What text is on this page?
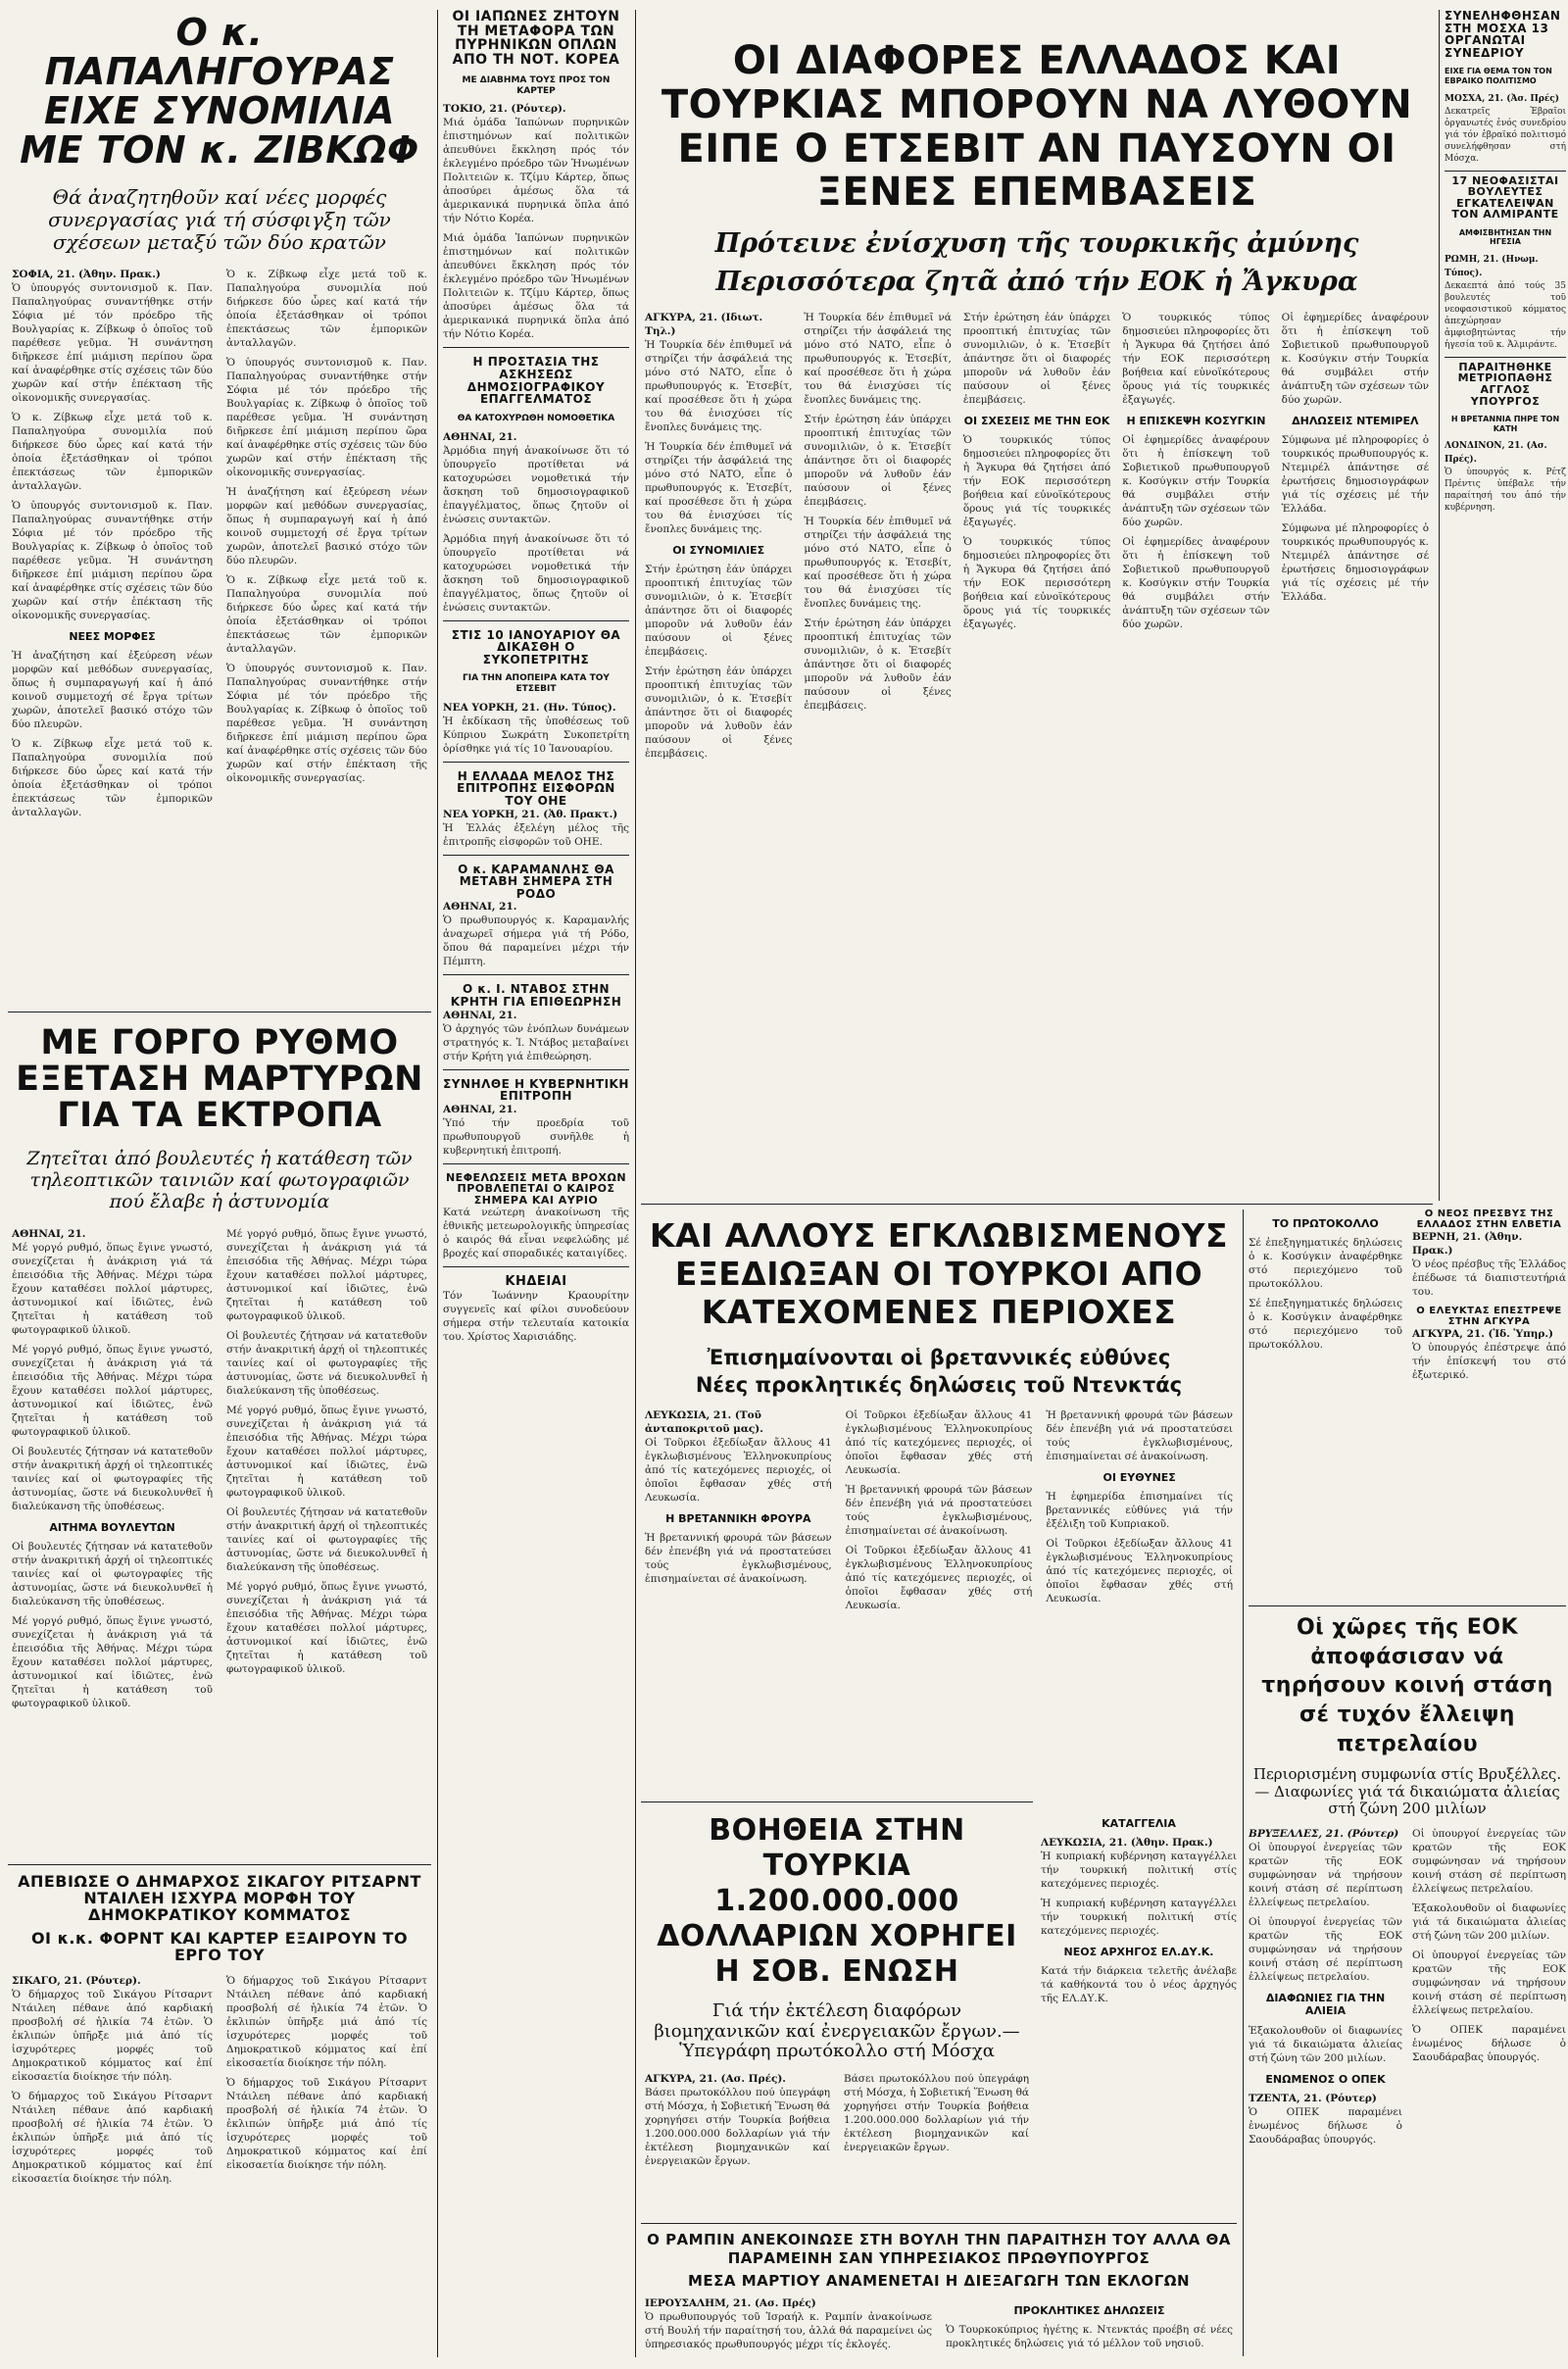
Ο κ. ΠΑΠΑΛΗΓΟΥΡΑΣ ΕΙΧΕ ΣΥΝΟΜΙΛΙΑ ΜΕ ΤΟΝ κ. ΖΙΒΚΩΦ

Θά ἀναζητηθοῦν καί νέες μορφές συνεργασίας γιά τή σύσφιγξη τῶν σχέσεων μεταξύ τῶν δύο κρατῶν

ΣΟΦΙΑ, 21. (Ἀθην. Πρακ.)

Ὁ ὑπουργός συντονισμοῦ κ. Παν. Παπαληγούρας συναντήθηκε στήν Σόφια μέ τόν πρόεδρο τῆς Βουλγαρίας κ. Ζίβκωφ ὁ ὁποῖος τοῦ παρέθεσε γεῦμα. Ἡ συνάντηση διῆρκεσε ἐπί μιάμιση περίπου ὥρα καί ἀναφέρθηκε στίς σχέσεις τῶν δύο χωρῶν καί στήν ἐπέκταση τῆς οἰκονομικῆς συνεργασίας.

Ὁ κ. Ζίβκωφ εἶχε μετά τοῦ κ. Παπαληγούρα συνομιλία πού διήρκεσε δύο ὧρες καί κατά τήν ὁποία ἐξετάσθηκαν οἱ τρόποι ἐπεκτάσεως τῶν ἐμπορικῶν ἀνταλλαγῶν.

Ὁ ὑπουργός συντονισμοῦ κ. Παν. Παπαληγούρας συναντήθηκε στήν Σόφια μέ τόν πρόεδρο τῆς Βουλγαρίας κ. Ζίβκωφ ὁ ὁποῖος τοῦ παρέθεσε γεῦμα. Ἡ συνάντηση διῆρκεσε ἐπί μιάμιση περίπου ὥρα καί ἀναφέρθηκε στίς σχέσεις τῶν δύο χωρῶν καί στήν ἐπέκταση τῆς οἰκονομικῆς συνεργασίας.

ΝΕΕΣ ΜΟΡΦΕΣ

Ἡ ἀναζήτηση καί ἐξεύρεση νέων μορφῶν καί μεθόδων συνεργασίας, ὅπως ἡ συμπαραγωγή καί ἡ ἀπό κοινοῦ συμμετοχή σέ ἔργα τρίτων χωρῶν, ἀποτελεῖ βασικό στόχο τῶν δύο πλευρῶν.

Ὁ κ. Ζίβκωφ εἶχε μετά τοῦ κ. Παπαληγούρα συνομιλία πού διήρκεσε δύο ὧρες καί κατά τήν ὁποία ἐξετάσθηκαν οἱ τρόποι ἐπεκτάσεως τῶν ἐμπορικῶν ἀνταλλαγῶν.

Ὁ κ. Ζίβκωφ εἶχε μετά τοῦ κ. Παπαληγούρα συνομιλία πού διήρκεσε δύο ὧρες καί κατά τήν ὁποία ἐξετάσθηκαν οἱ τρόποι ἐπεκτάσεως τῶν ἐμπορικῶν ἀνταλλαγῶν.

Ὁ ὑπουργός συντονισμοῦ κ. Παν. Παπαληγούρας συναντήθηκε στήν Σόφια μέ τόν πρόεδρο τῆς Βουλγαρίας κ. Ζίβκωφ ὁ ὁποῖος τοῦ παρέθεσε γεῦμα. Ἡ συνάντηση διῆρκεσε ἐπί μιάμιση περίπου ὥρα καί ἀναφέρθηκε στίς σχέσεις τῶν δύο χωρῶν καί στήν ἐπέκταση τῆς οἰκονομικῆς συνεργασίας.

Ἡ ἀναζήτηση καί ἐξεύρεση νέων μορφῶν καί μεθόδων συνεργασίας, ὅπως ἡ συμπαραγωγή καί ἡ ἀπό κοινοῦ συμμετοχή σέ ἔργα τρίτων χωρῶν, ἀποτελεῖ βασικό στόχο τῶν δύο πλευρῶν.

Ὁ κ. Ζίβκωφ εἶχε μετά τοῦ κ. Παπαληγούρα συνομιλία πού διήρκεσε δύο ὧρες καί κατά τήν ὁποία ἐξετάσθηκαν οἱ τρόποι ἐπεκτάσεως τῶν ἐμπορικῶν ἀνταλλαγῶν.

Ὁ ὑπουργός συντονισμοῦ κ. Παν. Παπαληγούρας συναντήθηκε στήν Σόφια μέ τόν πρόεδρο τῆς Βουλγαρίας κ. Ζίβκωφ ὁ ὁποῖος τοῦ παρέθεσε γεῦμα. Ἡ συνάντηση διῆρκεσε ἐπί μιάμιση περίπου ὥρα καί ἀναφέρθηκε στίς σχέσεις τῶν δύο χωρῶν καί στήν ἐπέκταση τῆς οἰκονομικῆς συνεργασίας.

ΜΕ ΓΟΡΓΟ ΡΥΘΜΟ ΕΞΕΤΑΣΗ ΜΑΡΤΥΡΩΝ ΓΙΑ ΤΑ ΕΚΤΡΟΠΑ

Ζητεῖται ἀπό βουλευτές ἡ κατάθεση τῶν τηλεοπτικῶν ταινιῶν καί φωτογραφιῶν πού ἔλαβε ἡ ἀστυνομία

ΑΘΗΝΑΙ, 21.

Μέ γοργό ρυθμό, ὅπως ἔγινε γνωστό, συνεχίζεται ἡ ἀνάκριση γιά τά ἐπεισόδια τῆς Ἀθήνας. Μέχρι τώρα ἔχουν καταθέσει πολλοί μάρτυρες, ἀστυνομικοί καί ἰδιῶτες, ἐνῶ ζητεῖται ἡ κατάθεση τοῦ φωτογραφικοῦ ὑλικοῦ.

Μέ γοργό ρυθμό, ὅπως ἔγινε γνωστό, συνεχίζεται ἡ ἀνάκριση γιά τά ἐπεισόδια τῆς Ἀθήνας. Μέχρι τώρα ἔχουν καταθέσει πολλοί μάρτυρες, ἀστυνομικοί καί ἰδιῶτες, ἐνῶ ζητεῖται ἡ κατάθεση τοῦ φωτογραφικοῦ ὑλικοῦ.

Οἱ βουλευτές ζήτησαν νά κατατεθοῦν στήν ἀνακριτική ἀρχή οἱ τηλεοπτικές ταινίες καί οἱ φωτογραφίες τῆς ἀστυνομίας, ὥστε νά διευκολυνθεῖ ἡ διαλεύκανση τῆς ὑποθέσεως.

ΑΙΤΗΜΑ ΒΟΥΛΕΥΤΩΝ

Οἱ βουλευτές ζήτησαν νά κατατεθοῦν στήν ἀνακριτική ἀρχή οἱ τηλεοπτικές ταινίες καί οἱ φωτογραφίες τῆς ἀστυνομίας, ὥστε νά διευκολυνθεῖ ἡ διαλεύκανση τῆς ὑποθέσεως.

Μέ γοργό ρυθμό, ὅπως ἔγινε γνωστό, συνεχίζεται ἡ ἀνάκριση γιά τά ἐπεισόδια τῆς Ἀθήνας. Μέχρι τώρα ἔχουν καταθέσει πολλοί μάρτυρες, ἀστυνομικοί καί ἰδιῶτες, ἐνῶ ζητεῖται ἡ κατάθεση τοῦ φωτογραφικοῦ ὑλικοῦ.

Μέ γοργό ρυθμό, ὅπως ἔγινε γνωστό, συνεχίζεται ἡ ἀνάκριση γιά τά ἐπεισόδια τῆς Ἀθήνας. Μέχρι τώρα ἔχουν καταθέσει πολλοί μάρτυρες, ἀστυνομικοί καί ἰδιῶτες, ἐνῶ ζητεῖται ἡ κατάθεση τοῦ φωτογραφικοῦ ὑλικοῦ.

Οἱ βουλευτές ζήτησαν νά κατατεθοῦν στήν ἀνακριτική ἀρχή οἱ τηλεοπτικές ταινίες καί οἱ φωτογραφίες τῆς ἀστυνομίας, ὥστε νά διευκολυνθεῖ ἡ διαλεύκανση τῆς ὑποθέσεως.

Μέ γοργό ρυθμό, ὅπως ἔγινε γνωστό, συνεχίζεται ἡ ἀνάκριση γιά τά ἐπεισόδια τῆς Ἀθήνας. Μέχρι τώρα ἔχουν καταθέσει πολλοί μάρτυρες, ἀστυνομικοί καί ἰδιῶτες, ἐνῶ ζητεῖται ἡ κατάθεση τοῦ φωτογραφικοῦ ὑλικοῦ.

Οἱ βουλευτές ζήτησαν νά κατατεθοῦν στήν ἀνακριτική ἀρχή οἱ τηλεοπτικές ταινίες καί οἱ φωτογραφίες τῆς ἀστυνομίας, ὥστε νά διευκολυνθεῖ ἡ διαλεύκανση τῆς ὑποθέσεως.

Μέ γοργό ρυθμό, ὅπως ἔγινε γνωστό, συνεχίζεται ἡ ἀνάκριση γιά τά ἐπεισόδια τῆς Ἀθήνας. Μέχρι τώρα ἔχουν καταθέσει πολλοί μάρτυρες, ἀστυνομικοί καί ἰδιῶτες, ἐνῶ ζητεῖται ἡ κατάθεση τοῦ φωτογραφικοῦ ὑλικοῦ.

ΑΠΕΒΙΩΣΕ Ο ΔΗΜΑΡΧΟΣ ΣΙΚΑΓΟΥ ΡΙΤΣΑΡΝΤ ΝΤΑΙΛΕΗ ΙΣΧΥΡΑ ΜΟΡΦΗ ΤΟΥ ΔΗΜΟΚΡΑΤΙΚΟΥ ΚΟΜΜΑΤΟΣ
ΟΙ κ.κ. ΦΟΡΝΤ ΚΑΙ ΚΑΡΤΕΡ ΕΞΑΙΡΟΥΝ ΤΟ ΕΡΓΟ ΤΟΥ

ΣΙΚΑΓΟ, 21. (Ρόυτερ).

Ὁ δήμαρχος τοῦ Σικάγου Ρίτσαρντ Ντάιλεη πέθανε ἀπό καρδιακή προσβολή σέ ἡλικία 74 ἐτῶν. Ὁ ἐκλιπών ὑπῆρξε μιά ἀπό τίς ἰσχυρότερες μορφές τοῦ Δημοκρατικοῦ κόμματος καί ἐπί εἰκοσαετία διοίκησε τήν πόλη.

Ὁ δήμαρχος τοῦ Σικάγου Ρίτσαρντ Ντάιλεη πέθανε ἀπό καρδιακή προσβολή σέ ἡλικία 74 ἐτῶν. Ὁ ἐκλιπών ὑπῆρξε μιά ἀπό τίς ἰσχυρότερες μορφές τοῦ Δημοκρατικοῦ κόμματος καί ἐπί εἰκοσαετία διοίκησε τήν πόλη.

Ὁ δήμαρχος τοῦ Σικάγου Ρίτσαρντ Ντάιλεη πέθανε ἀπό καρδιακή προσβολή σέ ἡλικία 74 ἐτῶν. Ὁ ἐκλιπών ὑπῆρξε μιά ἀπό τίς ἰσχυρότερες μορφές τοῦ Δημοκρατικοῦ κόμματος καί ἐπί εἰκοσαετία διοίκησε τήν πόλη.

Ὁ δήμαρχος τοῦ Σικάγου Ρίτσαρντ Ντάιλεη πέθανε ἀπό καρδιακή προσβολή σέ ἡλικία 74 ἐτῶν. Ὁ ἐκλιπών ὑπῆρξε μιά ἀπό τίς ἰσχυρότερες μορφές τοῦ Δημοκρατικοῦ κόμματος καί ἐπί εἰκοσαετία διοίκησε τήν πόλη.

ΟΙ ΙΑΠΩΝΕΣ ΖΗΤΟΥΝ ΤΗ ΜΕΤΑΦΟΡΑ ΤΩΝ ΠΥΡΗΝΙΚΩΝ ΟΠΛΩΝ ΑΠΟ ΤΗ ΝΟΤ. ΚΟΡΕΑ

ΜΕ ΔΙΑΒΗΜΑ ΤΟΥΣ ΠΡΟΣ ΤΟΝ ΚΑΡΤΕΡ

ΤΟΚΙΟ, 21. (Ρόυτερ).

Μιά ὁμάδα Ἰαπώνων πυρηνικῶν ἐπιστημόνων καί πολιτικῶν ἀπευθύνει ἔκκληση πρός τόν ἐκλεγμένο πρόεδρο τῶν Ἡνωμένων Πολιτειῶν κ. Τζίμυ Κάρτερ, ὅπως ἀποσύρει ἀμέσως ὅλα τά ἀμερικανικά πυρηνικά ὅπλα ἀπό τήν Νότιο Κορέα.

Μιά ὁμάδα Ἰαπώνων πυρηνικῶν ἐπιστημόνων καί πολιτικῶν ἀπευθύνει ἔκκληση πρός τόν ἐκλεγμένο πρόεδρο τῶν Ἡνωμένων Πολιτειῶν κ. Τζίμυ Κάρτερ, ὅπως ἀποσύρει ἀμέσως ὅλα τά ἀμερικανικά πυρηνικά ὅπλα ἀπό τήν Νότιο Κορέα.

Η ΠΡΟΣΤΑΣΙΑ ΤΗΣ ΑΣΚΗΣΕΩΣ ΔΗΜΟΣΙΟΓΡΑΦΙΚΟΥ ΕΠΑΓΓΕΛΜΑΤΟΣ

ΘΑ ΚΑΤΟΧΥΡΩΘΗ ΝΟΜΟΘΕΤΙΚΑ

ΑΘΗΝΑΙ, 21.

Ἀρμόδια πηγή ἀνακοίνωσε ὅτι τό ὑπουργεῖο προτίθεται νά κατοχυρώσει νομοθετικά τήν ἄσκηση τοῦ δημοσιογραφικοῦ ἐπαγγέλματος, ὅπως ζητοῦν οἱ ἑνώσεις συντακτῶν.

Ἀρμόδια πηγή ἀνακοίνωσε ὅτι τό ὑπουργεῖο προτίθεται νά κατοχυρώσει νομοθετικά τήν ἄσκηση τοῦ δημοσιογραφικοῦ ἐπαγγέλματος, ὅπως ζητοῦν οἱ ἑνώσεις συντακτῶν.

ΣΤΙΣ 10 ΙΑΝΟΥΑΡΙΟΥ ΘΑ ΔΙΚΑΣΘΗ Ο ΣΥΚΟΠΕΤΡΙΤΗΣ

ΓΙΑ ΤΗΝ ΑΠΟΠΕΙΡΑ ΚΑΤΑ ΤΟΥ ΕΤΣΕΒΙΤ

ΝΕΑ ΥΟΡΚΗ, 21. (Ην. Τύπος).

Ἡ ἐκδίκαση τῆς ὑποθέσεως τοῦ Κύπριου Σωκράτη Συκοπετρίτη ὁρίσθηκε γιά τίς 10 Ἰανουαρίου.

Η ΕΛΛΑΔΑ ΜΕΛΟΣ ΤΗΣ ΕΠΙΤΡΟΠΗΣ ΕΙΣΦΟΡΩΝ ΤΟΥ ΟΗΕ

ΝΕΑ ΥΟΡΚΗ, 21. (Ἀθ. Πρακτ.)

Ἡ Ἑλλάς ἐξελέγη μέλος τῆς ἐπιτροπῆς εἰσφορῶν τοῦ ΟΗΕ.

Ο κ. ΚΑΡΑΜΑΝΛΗΣ ΘΑ ΜΕΤΑΒΗ ΣΗΜΕΡΑ ΣΤΗ ΡΟΔΟ

ΑΘΗΝΑΙ, 21.

Ὁ πρωθυπουργός κ. Καραμανλής ἀναχωρεῖ σήμερα γιά τή Ρόδο, ὅπου θά παραμείνει μέχρι τήν Πέμπτη.

Ο κ. Ι. ΝΤΑΒΟΣ ΣΤΗΝ ΚΡΗΤΗ ΓΙΑ ΕΠΙΘΕΩΡΗΣΗ

ΑΘΗΝΑΙ, 21.

Ὁ ἀρχηγός τῶν ἐνόπλων δυνάμεων στρατηγός κ. Ἰ. Ντάβος μεταβαίνει στήν Κρήτη γιά ἐπιθεώρηση.

ΣΥΝΗΛΘΕ Η ΚΥΒΕΡΝΗΤΙΚΗ ΕΠΙΤΡΟΠΗ

ΑΘΗΝΑΙ, 21.

Ὑπό τήν προεδρία τοῦ πρωθυπουργοῦ συνῆλθε ἡ κυβερνητική ἐπιτροπή.

ΝΕΦΕΛΩΣΕΙΣ ΜΕΤΑ ΒΡΟΧΩΝ ΠΡΟΒΛΕΠΕΤΑΙ Ο ΚΑΙΡΟΣ ΣΗΜΕΡΑ ΚΑΙ ΑΥΡΙΟ

Κατά νεώτερη ἀνακοίνωση τῆς ἐθνικῆς μετεωρολογικῆς ὑπηρεσίας ὁ καιρός θά εἶναι νεφελώδης μέ βροχές καί σποραδικές καταιγίδες.

ΚΗΔΕΙΑΙ

Τόν Ἰωάννην Κραουρίτην συγγενεῖς καί φίλοι συνοδεύουν σήμερα στήν τελευταία κατοικία του. Χρίστος Χαρισιάδης.

ΟΙ ΔΙΑΦΟΡΕΣ ΕΛΛΑΔΟΣ ΚΑΙ ΤΟΥΡΚΙΑΣ ΜΠΟΡΟΥΝ ΝΑ ΛΥΘΟΥΝ ΕΙΠΕ Ο ΕΤΣΕΒΙΤ ΑΝ ΠΑΥΣΟΥΝ ΟΙ ΞΕΝΕΣ ΕΠΕΜΒΑΣΕΙΣ

Πρότεινε ἐνίσχυση τῆς τουρκικῆς ἀμύνης

Περισσότερα ζητᾶ ἀπό τήν ΕΟΚ ἡ Ἄγκυρα

ΑΓΚΥΡΑ, 21. (Ιδιωτ. Τηλ.)

Ἡ Τουρκία δέν ἐπιθυμεῖ νά στηρίζει τήν ἀσφάλειά της μόνο στό ΝΑΤΟ, εἶπε ὁ πρωθυπουργός κ. Ἐτσεβίτ, καί προσέθεσε ὅτι ἡ χώρα του θά ἐνισχύσει τίς ἔνοπλες δυνάμεις της.

Ἡ Τουρκία δέν ἐπιθυμεῖ νά στηρίζει τήν ἀσφάλειά της μόνο στό ΝΑΤΟ, εἶπε ὁ πρωθυπουργός κ. Ἐτσεβίτ, καί προσέθεσε ὅτι ἡ χώρα του θά ἐνισχύσει τίς ἔνοπλες δυνάμεις της.

ΟΙ ΣΥΝΟΜΙΛΙΕΣ

Στήν ἐρώτηση ἐάν ὑπάρχει προοπτική ἐπιτυχίας τῶν συνομιλιῶν, ὁ κ. Ἐτσεβίτ ἀπάντησε ὅτι οἱ διαφορές μποροῦν νά λυθοῦν ἐάν παύσουν οἱ ξένες ἐπεμβάσεις.

Στήν ἐρώτηση ἐάν ὑπάρχει προοπτική ἐπιτυχίας τῶν συνομιλιῶν, ὁ κ. Ἐτσεβίτ ἀπάντησε ὅτι οἱ διαφορές μποροῦν νά λυθοῦν ἐάν παύσουν οἱ ξένες ἐπεμβάσεις.

Ἡ Τουρκία δέν ἐπιθυμεῖ νά στηρίζει τήν ἀσφάλειά της μόνο στό ΝΑΤΟ, εἶπε ὁ πρωθυπουργός κ. Ἐτσεβίτ, καί προσέθεσε ὅτι ἡ χώρα του θά ἐνισχύσει τίς ἔνοπλες δυνάμεις της.

Στήν ἐρώτηση ἐάν ὑπάρχει προοπτική ἐπιτυχίας τῶν συνομιλιῶν, ὁ κ. Ἐτσεβίτ ἀπάντησε ὅτι οἱ διαφορές μποροῦν νά λυθοῦν ἐάν παύσουν οἱ ξένες ἐπεμβάσεις.

Ἡ Τουρκία δέν ἐπιθυμεῖ νά στηρίζει τήν ἀσφάλειά της μόνο στό ΝΑΤΟ, εἶπε ὁ πρωθυπουργός κ. Ἐτσεβίτ, καί προσέθεσε ὅτι ἡ χώρα του θά ἐνισχύσει τίς ἔνοπλες δυνάμεις της.

Στήν ἐρώτηση ἐάν ὑπάρχει προοπτική ἐπιτυχίας τῶν συνομιλιῶν, ὁ κ. Ἐτσεβίτ ἀπάντησε ὅτι οἱ διαφορές μποροῦν νά λυθοῦν ἐάν παύσουν οἱ ξένες ἐπεμβάσεις.

Στήν ἐρώτηση ἐάν ὑπάρχει προοπτική ἐπιτυχίας τῶν συνομιλιῶν, ὁ κ. Ἐτσεβίτ ἀπάντησε ὅτι οἱ διαφορές μποροῦν νά λυθοῦν ἐάν παύσουν οἱ ξένες ἐπεμβάσεις.

ΟΙ ΣΧΕΣΕΙΣ ΜΕ ΤΗΝ ΕΟΚ

Ὁ τουρκικός τύπος δημοσιεύει πληροφορίες ὅτι ἡ Ἄγκυρα θά ζητήσει ἀπό τήν ΕΟΚ περισσότερη βοήθεια καί εὐνοϊκότερους ὅρους γιά τίς τουρκικές ἐξαγωγές.

Ὁ τουρκικός τύπος δημοσιεύει πληροφορίες ὅτι ἡ Ἄγκυρα θά ζητήσει ἀπό τήν ΕΟΚ περισσότερη βοήθεια καί εὐνοϊκότερους ὅρους γιά τίς τουρκικές ἐξαγωγές.

Ὁ τουρκικός τύπος δημοσιεύει πληροφορίες ὅτι ἡ Ἄγκυρα θά ζητήσει ἀπό τήν ΕΟΚ περισσότερη βοήθεια καί εὐνοϊκότερους ὅρους γιά τίς τουρκικές ἐξαγωγές.

Η ΕΠΙΣΚΕΨΗ ΚΟΣΥΓΚΙΝ

Οἱ ἐφημερίδες ἀναφέρουν ὅτι ἡ ἐπίσκεψη τοῦ Σοβιετικοῦ πρωθυπουργοῦ κ. Κοσύγκιν στήν Τουρκία θά συμβάλει στήν ἀνάπτυξη τῶν σχέσεων τῶν δύο χωρῶν.

Οἱ ἐφημερίδες ἀναφέρουν ὅτι ἡ ἐπίσκεψη τοῦ Σοβιετικοῦ πρωθυπουργοῦ κ. Κοσύγκιν στήν Τουρκία θά συμβάλει στήν ἀνάπτυξη τῶν σχέσεων τῶν δύο χωρῶν.

Οἱ ἐφημερίδες ἀναφέρουν ὅτι ἡ ἐπίσκεψη τοῦ Σοβιετικοῦ πρωθυπουργοῦ κ. Κοσύγκιν στήν Τουρκία θά συμβάλει στήν ἀνάπτυξη τῶν σχέσεων τῶν δύο χωρῶν.

ΔΗΛΩΣΕΙΣ ΝΤΕΜΙΡΕΛ

Σύμφωνα μέ πληροφορίες ὁ τουρκικός πρωθυπουργός κ. Ντεμιρέλ ἀπάντησε σέ ἐρωτήσεις δημοσιογράφων γιά τίς σχέσεις μέ τήν Ἑλλάδα.

Σύμφωνα μέ πληροφορίες ὁ τουρκικός πρωθυπουργός κ. Ντεμιρέλ ἀπάντησε σέ ἐρωτήσεις δημοσιογράφων γιά τίς σχέσεις μέ τήν Ἑλλάδα.

ΚΑΙ ΑΛΛΟΥΣ ΕΓΚΛΩΒΙΣΜΕΝΟΥΣ ΕΞΕΔΙΩΞΑΝ ΟΙ ΤΟΥΡΚΟΙ ΑΠΟ ΚΑΤΕΧΟΜΕΝΕΣ ΠΕΡΙΟΧΕΣ

Ἐπισημαίνονται οἱ βρεταννικές εὐθύνες

Νέες προκλητικές δηλώσεις τοῦ Ντενκτάς

ΛΕΥΚΩΣΙΑ, 21. (Τοῦ ἀνταποκριτοῦ μας).

Οἱ Τοῦρκοι ἐξεδίωξαν ἄλλους 41 ἐγκλωβισμένους Ἑλληνοκυπρίους ἀπό τίς κατεχόμενες περιοχές, οἱ ὁποῖοι ἔφθασαν χθές στή Λευκωσία.

Η ΒΡΕΤΑΝΝΙΚΗ ΦΡΟΥΡΑ

Ἡ βρεταννική φρουρά τῶν βάσεων δέν ἐπενέβη γιά νά προστατεύσει τούς ἐγκλωβισμένους, ἐπισημαίνεται σέ ἀνακοίνωση.

Οἱ Τοῦρκοι ἐξεδίωξαν ἄλλους 41 ἐγκλωβισμένους Ἑλληνοκυπρίους ἀπό τίς κατεχόμενες περιοχές, οἱ ὁποῖοι ἔφθασαν χθές στή Λευκωσία.

Ἡ βρεταννική φρουρά τῶν βάσεων δέν ἐπενέβη γιά νά προστατεύσει τούς ἐγκλωβισμένους, ἐπισημαίνεται σέ ἀνακοίνωση.

Οἱ Τοῦρκοι ἐξεδίωξαν ἄλλους 41 ἐγκλωβισμένους Ἑλληνοκυπρίους ἀπό τίς κατεχόμενες περιοχές, οἱ ὁποῖοι ἔφθασαν χθές στή Λευκωσία.

Ἡ βρεταννική φρουρά τῶν βάσεων δέν ἐπενέβη γιά νά προστατεύσει τούς ἐγκλωβισμένους, ἐπισημαίνεται σέ ἀνακοίνωση.

ΟΙ ΕΥΘΥΝΕΣ

Ἡ ἐφημερίδα ἐπισημαίνει τίς βρεταννικές εὐθύνες γιά τήν ἐξέλιξη τοῦ Κυπριακοῦ.

Οἱ Τοῦρκοι ἐξεδίωξαν ἄλλους 41 ἐγκλωβισμένους Ἑλληνοκυπρίους ἀπό τίς κατεχόμενες περιοχές, οἱ ὁποῖοι ἔφθασαν χθές στή Λευκωσία.

ΒΟΗΘΕΙΑ ΣΤΗΝ ΤΟΥΡΚΙΑ 1.200.000.000 ΔΟΛΛΑΡΙΩΝ ΧΟΡΗΓΕΙ Η ΣΟΒ. ΕΝΩΣΗ

Γιά τήν ἐκτέλεση διαφόρων βιομηχανικῶν καί ἐνεργειακῶν ἔργων.— Ὑπεγράφη πρωτόκολλο στή Μόσχα

ΑΓΚΥΡΑ, 21. (Ασ. Πρές).

Βάσει πρωτοκόλλου πού ὑπεγράφη στή Μόσχα, ἡ Σοβιετική Ἕνωση θά χορηγήσει στήν Τουρκία βοήθεια 1.200.000.000 δολλαρίων γιά τήν ἐκτέλεση βιομηχανικῶν καί ἐνεργειακῶν ἔργων.

Βάσει πρωτοκόλλου πού ὑπεγράφη στή Μόσχα, ἡ Σοβιετική Ἕνωση θά χορηγήσει στήν Τουρκία βοήθεια 1.200.000.000 δολλαρίων γιά τήν ἐκτέλεση βιομηχανικῶν καί ἐνεργειακῶν ἔργων.

ΚΑΤΑΓΓΕΛΙΑ

ΛΕΥΚΩΣΙΑ, 21. (Ἀθην. Πρακ.)

Ἡ κυπριακή κυβέρνηση καταγγέλλει τήν τουρκική πολιτική στίς κατεχόμενες περιοχές.

Ἡ κυπριακή κυβέρνηση καταγγέλλει τήν τουρκική πολιτική στίς κατεχόμενες περιοχές.

ΝΕΟΣ ΑΡΧΗΓΟΣ ΕΛ.ΔΥ.Κ.

Κατά τήν διάρκεια τελετῆς ἀνέλαβε τά καθήκοντά του ὁ νέος ἀρχηγός τῆς ΕΛ.ΔΥ.Κ.

Ο ΡΑΜΠΙΝ ΑΝΕΚΟΙΝΩΣΕ ΣΤΗ ΒΟΥΛΗ ΤΗΝ ΠΑΡΑΙΤΗΣΗ ΤΟΥ ΑΛΛΑ ΘΑ ΠΑΡΑΜΕΙΝΗ ΣΑΝ ΥΠΗΡΕΣΙΑΚΟΣ ΠΡΩΘΥΠΟΥΡΓΟΣ
ΜΕΣΑ ΜΑΡΤΙΟΥ ΑΝΑΜΕΝΕΤΑΙ Η ΔΙΕΞΑΓΩΓΗ ΤΩΝ ΕΚΛΟΓΩΝ

ΙΕΡΟΥΣΑΛΗΜ, 21. (Ασ. Πρές)

Ὁ πρωθυπουργός τοῦ Ἰσραήλ κ. Ραμπίν ἀνακοίνωσε στή Βουλή τήν παραίτησή του, ἀλλά θά παραμείνει ὡς ὑπηρεσιακός πρωθυπουργός μέχρι τίς ἐκλογές.

ΠΡΟΚΛΗΤΙΚΕΣ ΔΗΛΩΣΕΙΣ

Ὁ Τουρκοκύπριος ἡγέτης κ. Ντενκτάς προέβη σέ νέες προκλητικές δηλώσεις γιά τό μέλλον τοῦ νησιοῦ.

ΣΥΝΕΛΗΦΘΗΣΑΝ ΣΤΗ ΜΟΣΧΑ 13 ΟΡΓΑΝΩΤΑΙ ΣΥΝΕΔΡΙΟΥ

ΕΙΧΕ ΓΙΑ ΘΕΜΑ ΤΟΝ ΤΟΝ ΕΒΡΑΙΚΟ ΠΟΛΙΤΙΣΜΟ

ΜΟΣΧΑ, 21. (Ἀσ. Πρές)

Δεκατρεῖς Ἑβραῖοι ὀργανωτές ἑνός συνεδρίου γιά τόν ἑβραϊκό πολιτισμό συνελήφθησαν στή Μόσχα.

17 ΝΕΟΦΑΣΙΣΤΑΙ ΒΟΥΛΕΥΤΕΣ ΕΓΚΑΤΕΛΕΙΨΑΝ ΤΟΝ ΑΛΜΙΡΑΝΤΕ

ΑΜΦΙΣΒΗΤΗΣΑΝ ΤΗΝ ΗΓΕΣΙΑ

ΡΩΜΗ, 21. (Ηνωμ. Τύπος).

Δεκαεπτά ἀπό τούς 35 βουλευτές τοῦ νεοφασιστικοῦ κόμματος ἀπεχώρησαν ἀμφισβητώντας τήν ἡγεσία τοῦ κ. Ἀλμιράντε.

ΠΑΡΑΙΤΗΘΗΚΕ ΜΕΤΡΙΟΠΑΘΗΣ ΑΓΓΛΟΣ ΥΠΟΥΡΓΟΣ

Η ΒΡΕΤΑΝΝΙΑ ΠΗΡΕ ΤΟΝ ΚΑΤΗ

ΛΟΝΔΙΝΟΝ, 21. (Ασ. Πρές).

Ὁ ὑπουργός κ. Ρέτζ Πρέντις ὑπέβαλε τήν παραίτησή του ἀπό τήν κυβέρνηση.

ΤΟ ΠΡΩΤΟΚΟΛΛΟ

Σέ ἐπεξηγηματικές δηλώσεις ὁ κ. Κοσύγκιν ἀναφέρθηκε στό περιεχόμενο τοῦ πρωτοκόλλου.

Σέ ἐπεξηγηματικές δηλώσεις ὁ κ. Κοσύγκιν ἀναφέρθηκε στό περιεχόμενο τοῦ πρωτοκόλλου.

Ο ΝΕΟΣ ΠΡΕΣΒΥΣ ΤΗΣ ΕΛΛΑΔΟΣ ΣΤΗΝ ΕΛΒΕΤΙΑ

ΒΕΡΝΗ, 21. (Ἀθην. Πρακ.)

Ὁ νέος πρέσβυς τῆς Ἑλλάδος ἐπέδωσε τά διαπιστευτήριά του.

Ο ΕΛΕΥΚΤΑΣ ΕΠΕΣΤΡΕΨΕ ΣΤΗΝ ΑΓΚΥΡΑ

ΑΓΚΥΡΑ, 21. (Ἰδ. Ὑπηρ.)

Ὁ ὑπουργός ἐπέστρεψε ἀπό τήν ἐπίσκεψή του στό ἐξωτερικό.

Οἱ χῶρες τῆς ΕΟΚ ἀποφάσισαν νά τηρήσουν κοινή στάση σέ τυχόν ἔλλειψη πετρελαίου

Περιορισμένη συμφωνία στίς Βρυξέλλες.— Διαφωνίες γιά τά δικαιώματα ἀλιείας στή ζώνη 200 μιλίων

ΒΡΥΞΕΛΛΕΣ, 21. (Ρόυτερ)

Οἱ ὑπουργοί ἐνεργείας τῶν κρατῶν τῆς ΕΟΚ συμφώνησαν νά τηρήσουν κοινή στάση σέ περίπτωση ἐλλείψεως πετρελαίου.

Οἱ ὑπουργοί ἐνεργείας τῶν κρατῶν τῆς ΕΟΚ συμφώνησαν νά τηρήσουν κοινή στάση σέ περίπτωση ἐλλείψεως πετρελαίου.

ΔΙΑΦΩΝΙΕΣ ΓΙΑ ΤΗΝ ΑΛΙΕΙΑ

Ἐξακολουθοῦν οἱ διαφωνίες γιά τά δικαιώματα ἀλιείας στή ζώνη τῶν 200 μιλίων.

ΕΝΩΜΕΝΟΣ Ο ΟΠΕΚ

ΤΖΕΝΤΑ, 21. (Ρόυτερ)

Ὁ ΟΠΕΚ παραμένει ἑνωμένος δήλωσε ὁ Σαουδάραβας ὑπουργός.

Οἱ ὑπουργοί ἐνεργείας τῶν κρατῶν τῆς ΕΟΚ συμφώνησαν νά τηρήσουν κοινή στάση σέ περίπτωση ἐλλείψεως πετρελαίου.

Ἐξακολουθοῦν οἱ διαφωνίες γιά τά δικαιώματα ἀλιείας στή ζώνη τῶν 200 μιλίων.

Οἱ ὑπουργοί ἐνεργείας τῶν κρατῶν τῆς ΕΟΚ συμφώνησαν νά τηρήσουν κοινή στάση σέ περίπτωση ἐλλείψεως πετρελαίου.

Ὁ ΟΠΕΚ παραμένει ἑνωμένος δήλωσε ὁ Σαουδάραβας ὑπουργός.
